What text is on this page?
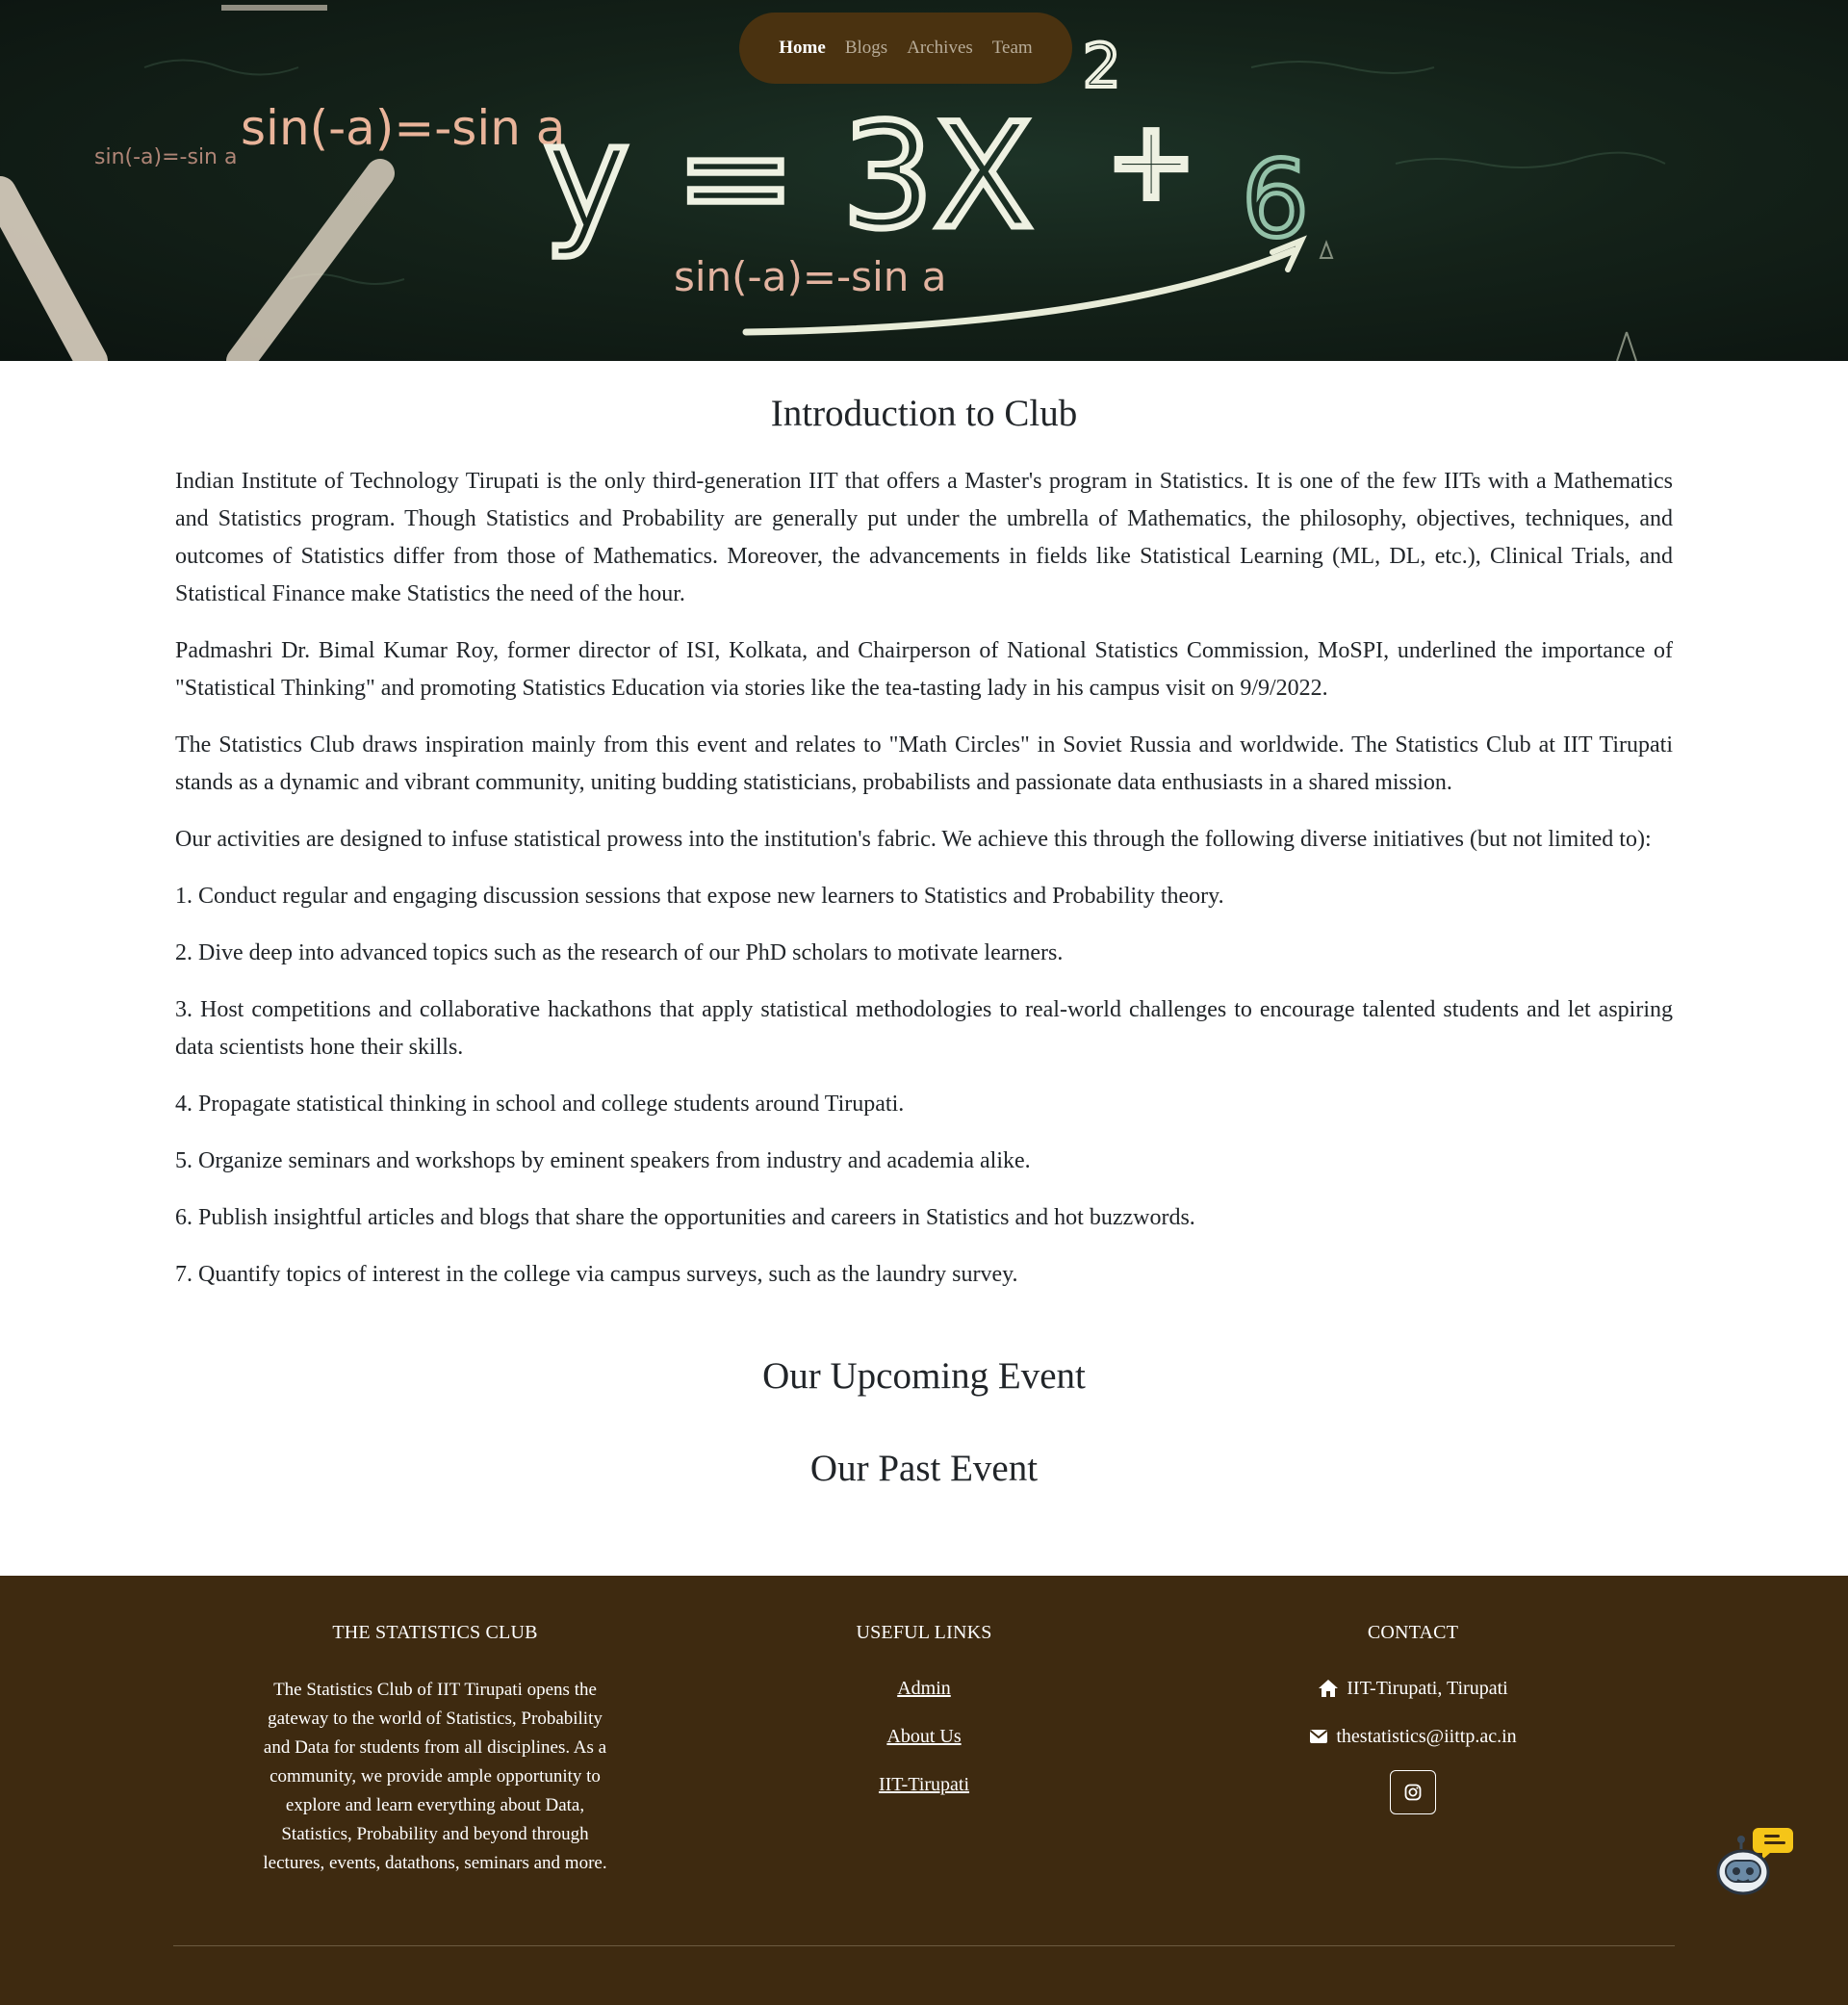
sin(-a)=-sin a
sin(-a)=-sin a
sin(-a)=-sin a
y = 3X
2
+ 6
Home Blogs Archives Team
Introduction to Club

Indian Institute of Technology Tirupati is the only third-generation IIT that offers a Master's program in Statistics. It is one of the few IITs with a Mathematics and Statistics program. Though Statistics and Probability are generally put under the umbrella of Mathematics, the philosophy, objectives, techniques, and outcomes of Statistics differ from those of Mathematics. Moreover, the advancements in fields like Statistical Learning (ML, DL, etc.), Clinical Trials, and Statistical Finance make Statistics the need of the hour.

Padmashri Dr. Bimal Kumar Roy, former director of ISI, Kolkata, and Chairperson of National Statistics Commission, MoSPI, underlined the importance of "Statistical Thinking" and promoting Statistics Education via stories like the tea-tasting lady in his campus visit on 9/9/2022.

The Statistics Club draws inspiration mainly from this event and relates to "Math Circles" in Soviet Russia and worldwide. The Statistics Club at IIT Tirupati stands as a dynamic and vibrant community, uniting budding statisticians, probabilists and passionate data enthusiasts in a shared mission.

Our activities are designed to infuse statistical prowess into the institution's fabric. We achieve this through the following diverse initiatives (but not limited to):

1. Conduct regular and engaging discussion sessions that expose new learners to Statistics and Probability theory.

2. Dive deep into advanced topics such as the research of our PhD scholars to motivate learners.

3. Host competitions and collaborative hackathons that apply statistical methodologies to real-world challenges to encourage talented students and let aspiring data scientists hone their skills.

4. Propagate statistical thinking in school and college students around Tirupati.

5. Organize seminars and workshops by eminent speakers from industry and academia alike.

6. Publish insightful articles and blogs that share the opportunities and careers in Statistics and hot buzzwords.

7. Quantify topics of interest in the college via campus surveys, such as the laundry survey.

Our Upcoming Event
Our Past Event
THE STATISTICS CLUB

The Statistics Club of IIT Tirupati opens the gateway to the world of Statistics, Probability and Data for students from all disciplines. As a community, we provide ample opportunity to explore and learn everything about Data, Statistics, Probability and beyond through lectures, events, datathons, seminars and more.

USEFUL LINKS
Admin
About Us
IIT-Tirupati
CONTACT
IIT-Tirupati, Tirupati
thestatistics@iittp.ac.in
